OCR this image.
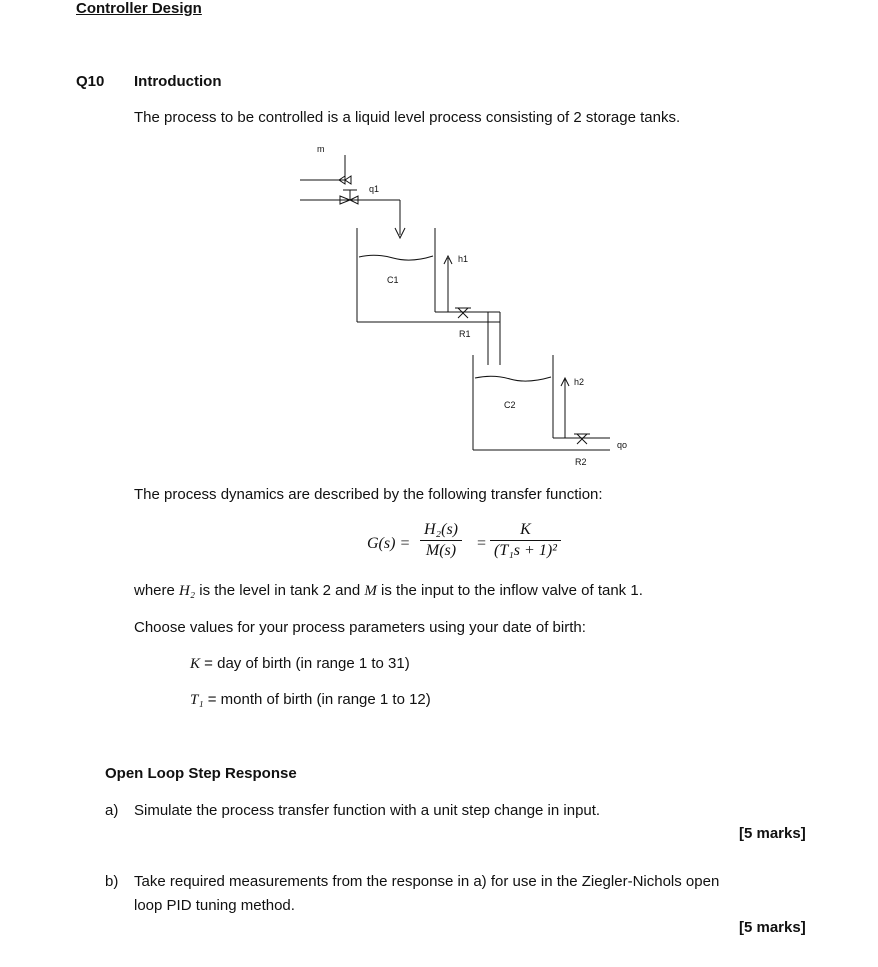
Controller Design
Q10 Introduction
The process to be controlled is a liquid level process consisting of 2 storage tanks.
m
q1
h1
C1
R1
h2
C2
qo
R2
The process dynamics are described by the following transfer function:
$G(s) = \frac{\text{H₂(s)}}{M(s)} = \frac{K}{\text{(T₁s + 1)²}}$
where H₂ is the level in tank 2 and M is the input to the inflow valve of tank 1.
Choose values for your process parameters using your date of birth:
K = day of birth (in range 1 to 31)
T₁ = month of birth (in range 1 to 12)
Open Loop Step Response
a) Simulate the process transfer function with a unit step change in input.
[5 marks]
b) Take required measurements from the response in a) for use in the Ziegler-Nichols open
loop PID tuning method.
[5 marks]
